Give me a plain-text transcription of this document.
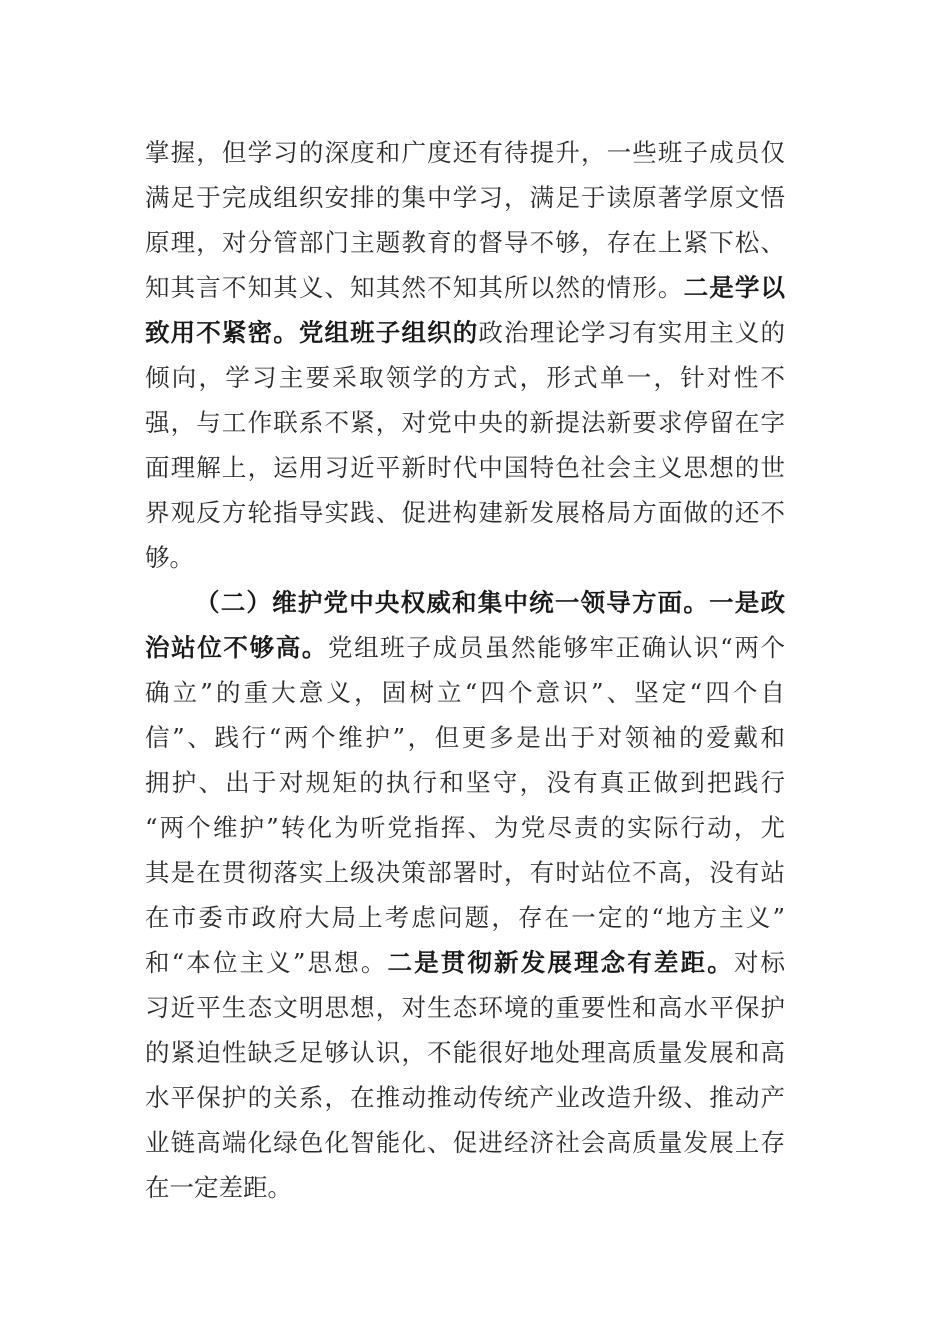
掌握，但学习的深度和广度还有待提升，一些班子成员仅
满足于完成组织安排的集中学习，满足于读原著学原文悟
原理，对分管部门主题教育的督导不够，存在上紧下松、
知其言不知其义、知其然不知其所以然的情形。二是学以
致用不紧密。党组班子组织的政治理论学习有实用主义的
倾向，学习主要采取领学的方式，形式单一，针对性不
强，与工作联系不紧，对党中央的新提法新要求停留在字
面理解上，运用习近平新时代中国特色社会主义思想的世
界观反方轮指导实践、促进构建新发展格局方面做的还不
够。
（二）维护党中央权威和集中统一领导方面。一是政
治站位不够高。党组班子成员虽然能够牢正确认识“两个
确立”的重大意义，固树立“四个意识”、坚定“四个自
信”、践行“两个维护”，但更多是出于对领袖的爱戴和
拥护、出于对规矩的执行和坚守，没有真正做到把践行
“两个维护”转化为听党指挥、为党尽责的实际行动，尤
其是在贯彻落实上级决策部署时，有时站位不高，没有站
在市委市政府大局上考虑问题，存在一定的“地方主义”
和“本位主义”思想。二是贯彻新发展理念有差距。对标
习近平生态文明思想，对生态环境的重要性和高水平保护
的紧迫性缺乏足够认识，不能很好地处理高质量发展和高
水平保护的关系，在推动推动传统产业改造升级、推动产
业链高端化绿色化智能化、促进经济社会高质量发展上存
在一定差距。
